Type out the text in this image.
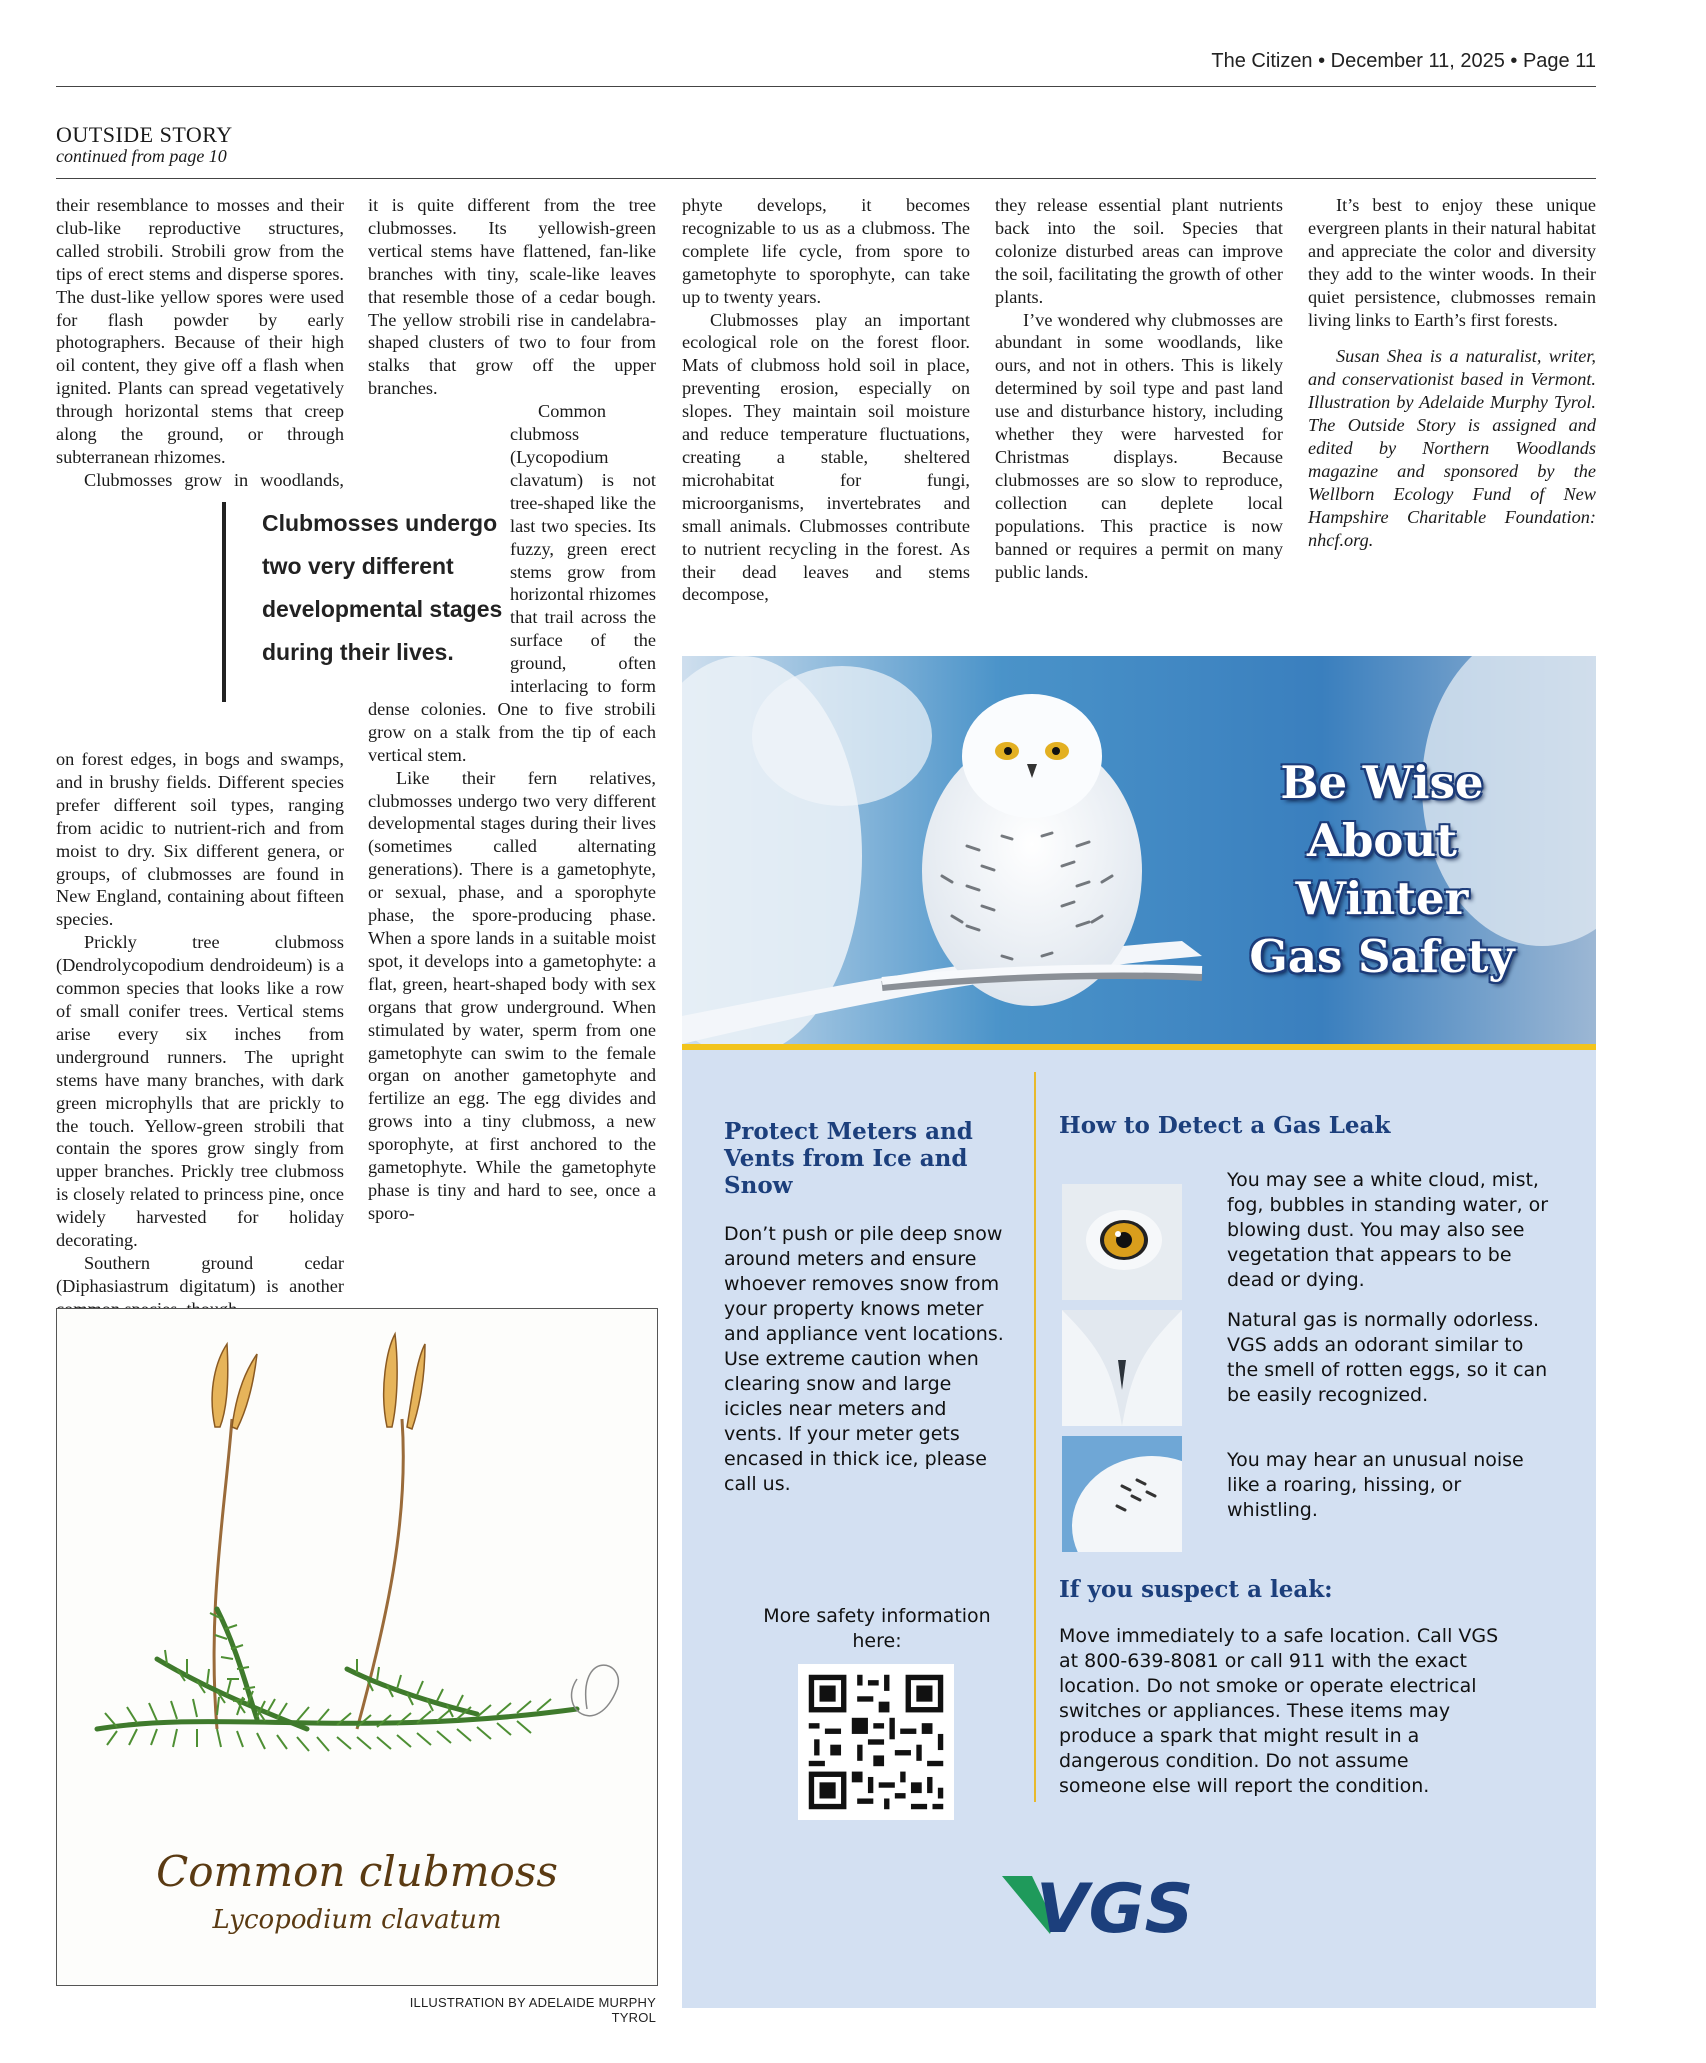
The Citizen • December 11, 2025 • Page 11
OUTSIDE STORY
continued from page 10

their resemblance to mosses and their club-like reproductive structures, called strobili. Strobili grow from the tips of erect stems and disperse spores. The dust-like yellow spores were used for flash powder by early photographers. Because of their high oil content, they give off a flash when ignited. Plants can spread vegetatively through horizontal stems that creep along the ground, or through subterranean rhizomes.

Clubmosses grow in woodlands, on forest edges, in bogs and swamps, and in brushy fields. Different species prefer different soil types, ranging from acidic to nutrient-rich and from moist to dry. Six different genera, or groups, of clubmosses are found in New England, containing about fifteen species.

Prickly tree clubmoss (Dendrolycopodium dendroideum) is a common species that looks like a row of small conifer trees. Vertical stems arise every six inches from underground runners. The upright stems have many branches, with dark green microphylls that are prickly to the touch. Yellow-green strobili that contain the spores grow singly from upper branches. Prickly tree clubmoss is closely related to princess pine, once widely harvested for holiday decorating.

Southern ground cedar (Diphasiastrum digitatum) is another

it is quite different from the tree clubmosses. Its yellowish-green vertical stems have flattened, fan-like branches with tiny, scale-like leaves that resemble those of a cedar bough. The yellow strobili rise in candelabra-shaped clusters of two to four from stalks that grow off the upper branches.

Common clubmoss (Lycopodium clavatum) is not tree-shaped like the last two species. Its fuzzy, green erect stems grow from horizontal rhizomes that trail across the surface of the ground, often interlacing to form dense colonies. One to five strobili grow on a stalk from the tip of each vertical stem.

Like their fern relatives, clubmosses undergo two very different developmental stages during their lives (sometimes called alternating generations). There is a gametophyte, or sexual, phase, and a sporophyte phase, the spore-producing phase. When a spore lands in a suitable moist spot, it develops into a gametophyte: a flat, green, heart-shaped body with sex organs that grow underground. When stimulated by water, sperm from one gametophyte can swim to the female organ on another gametophyte and fertilize an egg. The egg divides and grows into a tiny clubmoss, a new sporophyte, at first anchored to the gametophyte. While the gametophyte phase is tiny and hard to see, once a sporo-

Clubmosses undergo two very different developmental stages during their lives.

phyte develops, it becomes recognizable to us as a clubmoss. The complete life cycle, from spore to gametophyte to sporophyte, can take up to twenty years.

Clubmosses play an important ecological role on the forest floor. Mats of clubmoss hold soil in place, preventing erosion, especially on slopes. They maintain soil moisture and reduce temperature fluctuations, creating a stable, sheltered microhabitat for fungi, microorganisms, invertebrates and small animals. Clubmosses contribute to nutrient recycling in the forest. As their dead leaves and stems decompose,

they release essential plant nutrients back into the soil. Species that colonize disturbed areas can improve the soil, facilitating the growth of other plants.

I’ve wondered why clubmosses are abundant in some woodlands, like ours, and not in others. This is likely determined by soil type and past land use and disturbance history, including whether they were harvested for Christmas displays. Because clubmosses are so slow to reproduce, collection can deplete local populations. This practice is now banned or requires a permit on many public lands.

It’s best to enjoy these unique evergreen plants in their natural habitat and appreciate the color and diversity they add to the winter woods. In their quiet persistence, clubmosses remain living links to Earth’s first forests.

Susan Shea is a naturalist, writer, and conservationist based in Vermont. Illustration by Adelaide Murphy Tyrol. The Outside Story is assigned and edited by Northern Woodlands magazine and sponsored by the Wellborn Ecology Fund of New Hampshire Charitable Foundation: nhcf.org.

Common clubmoss
Lycopodium clavatum
ILLUSTRATION BY ADELAIDE MURPHY TYROL
Be Wise
About
Winter
Gas Safety
Protect Meters and Vents from Ice and Snow
Don’t push or pile deep snow around meters and ensure whoever removes snow from your property knows meter and appliance vent locations. Use extreme caution when clearing snow and large icicles near meters and vents. If your meter gets encased in thick ice, please call us.
More safety information here:
How to Detect a Gas Leak
You may see a white cloud, mist, fog, bubbles in standing water, or blowing dust. You may also see vegetation that appears to be dead or dying.
Natural gas is normally odorless. VGS adds an odorant similar to the smell of rotten eggs, so it can be easily recognized.
You may hear an unusual noise like a roaring, hissing, or whistling.
If you suspect a leak:
Move immediately to a safe location. Call VGS at 800-639-8081 or call 911 with the exact location. Do not smoke or operate electrical switches or appliances. These items may produce a spark that might result in a dangerous condition. Do not assume someone else will report the condition.
VGS
